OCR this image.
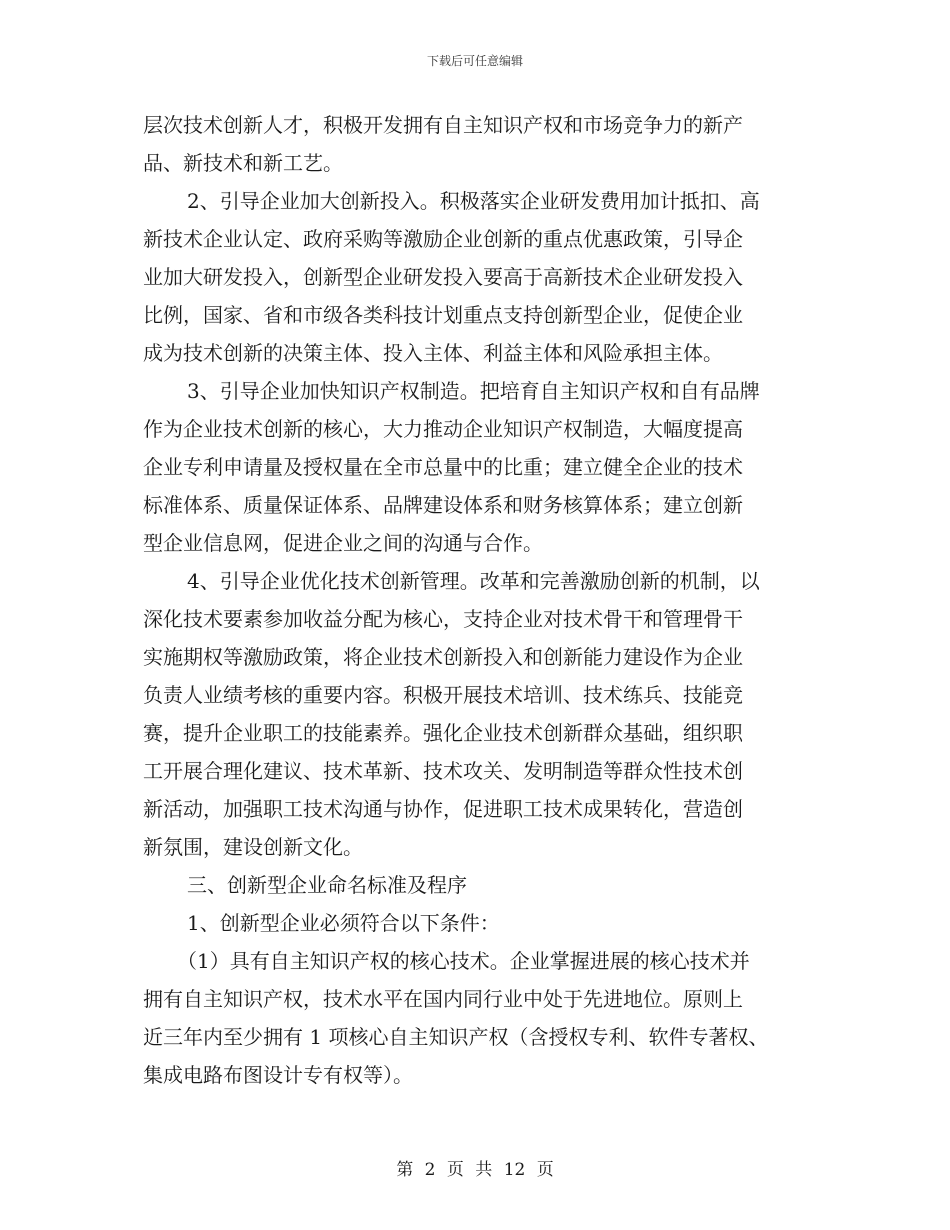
下载后可任意编辑
层次技术创新人才，积极开发拥有自主知识产权和市场竞争力的新产
品、新技术和新工艺。
2、引导企业加大创新投入。积极落实企业研发费用加计抵扣、高
新技术企业认定、政府采购等激励企业创新的重点优惠政策，引导企
业加大研发投入，创新型企业研发投入要高于高新技术企业研发投入
比例，国家、省和市级各类科技计划重点支持创新型企业，促使企业
成为技术创新的决策主体、投入主体、利益主体和风险承担主体。
3、引导企业加快知识产权制造。把培育自主知识产权和自有品牌
作为企业技术创新的核心，大力推动企业知识产权制造，大幅度提高
企业专利申请量及授权量在全市总量中的比重；建立健全企业的技术
标准体系、质量保证体系、品牌建设体系和财务核算体系；建立创新
型企业信息网，促进企业之间的沟通与合作。
4、引导企业优化技术创新管理。改革和完善激励创新的机制，以
深化技术要素参加收益分配为核心，支持企业对技术骨干和管理骨干
实施期权等激励政策，将企业技术创新投入和创新能力建设作为企业
负责人业绩考核的重要内容。积极开展技术培训、技术练兵、技能竞
赛，提升企业职工的技能素养。强化企业技术创新群众基础，组织职
工开展合理化建议、技术革新、技术攻关、发明制造等群众性技术创
新活动，加强职工技术沟通与协作，促进职工技术成果转化，营造创
新氛围，建设创新文化。
三、创新型企业命名标准及程序
1、创新型企业必须符合以下条件：
（1）具有自主知识产权的核心技术。企业掌握进展的核心技术并
拥有自主知识产权，技术水平在国内同行业中处于先进地位。原则上
近三年内至少拥有 1 项核心自主知识产权（含授权专利、软件专著权、
集成电路布图设计专有权等）。
第 2 页 共 12 页
